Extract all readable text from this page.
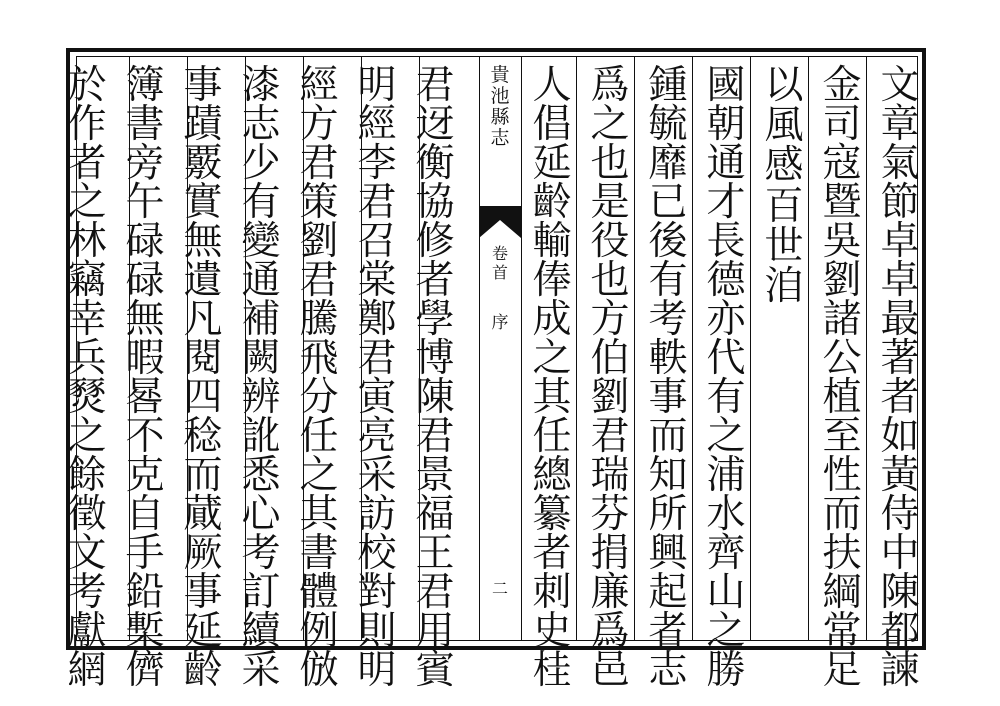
文
章
氣
節
卓
卓
最
著
者
如
黃
侍
中
陳
都
諫
金
司
寇
暨
吳
劉
諸
公
植
至
性
而
扶
綱
常
足
以
風
感
百
世
洎
國
朝
通
才
長
德
亦
代
有
之
浦
水
齊
山
之
勝
鍾
毓
靡
已
後
有
考
軼
事
而
知
所
興
起
者
志
爲
之
也
是
役
也
方
伯
劉
君
瑞
芬
捐
廉
爲
邑
人
倡
延
齡
輸
俸
成
之
其
任
總
纂
者
刺
史
桂
君
迓
衡
協
修
者
學
博
陳
君
景
福
王
君
用
賓
明
經
李
君
召
棠
鄭
君
寅
亮
采
訪
校
對
則
明
經
方
君
策
劉
君
騰
飛
分
任
之
其
書
體
例
倣
漆
志
少
有
變
通
補
闕
辨
訛
悉
心
考
訂
續
采
事
蹟
覈
實
無
遺
凡
閱
四
稔
而
蕆
厥
事
延
齡
簿
書
旁
午
碌
碌
無
暇
晷
不
克
自
手
鉛
槧
儕
於
作
者
之
林
竊
幸
兵
燹
之
餘
徵
文
考
獻
網
貴
池
縣
志
卷
首
序
二
